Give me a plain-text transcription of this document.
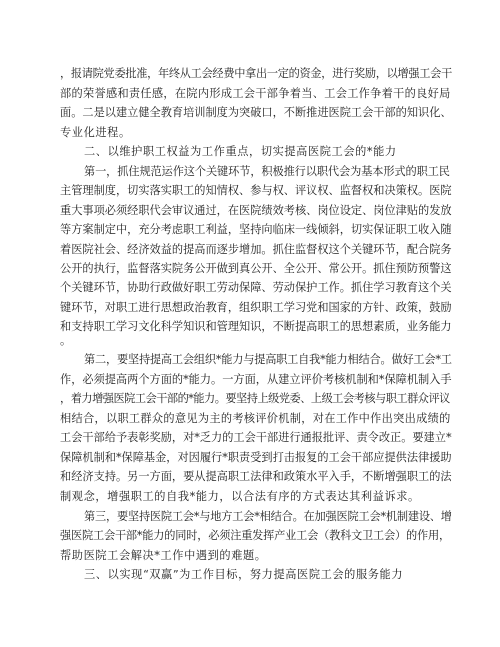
，报请院党委批准，年终从工会经费中拿出一定的资金，进行奖励，以增强工会干
部的荣誉感和责任感，在院内形成工会干部争着当、工会工作争着干的良好局
面。二是以建立健全教育培训制度为突破口，不断推进医院工会干部的知识化、
专业化进程。
二、以维护职工权益为工作重点，切实提高医院工会的*能力
第一，抓住规范运作这个关键环节，积极推行以职代会为基本形式的职工民
主管理制度，切实落实职工的知情权、参与权、评议权、监督权和决策权。医院
重大事项必须经职代会审议通过，在医院绩效考核、岗位设定、岗位津贴的发放
等方案制定中，充分考虑职工利益，坚持向临床一线倾斜，切实保证职工收入随
着医院社会、经济效益的提高而逐步增加。抓住监督权这个关键环节，配合院务
公开的执行，监督落实院务公开做到真公开、全公开、常公开。抓住预防预警这
个关键环节，协助行政做好职工劳动保障、劳动保护工作。抓住学习教育这个关
键环节，对职工进行思想政治教育，组织职工学习党和国家的方针、政策，鼓励
和支持职工学习文化科学知识和管理知识，不断提高职工的思想素质，业务能力
。
第二，要坚持提高工会组织*能力与提高职工自我*能力相结合。做好工会*工
作，必须提高两个方面的*能力。一方面，从建立评价考核机制和*保障机制入手
，着力增强医院工会干部的*能力。要坚持上级党委、上级工会考核与职工群众评议
相结合，以职工群众的意见为主的考核评价机制，对在工作中作出突出成绩的
工会干部给予表彰奖励，对*乏力的工会干部进行通报批评、责令改正。要建立*
保障机制和*保障基金，对因履行*职责受到打击报复的工会干部应提供法律援助
和经济支持。另一方面，要从提高职工法律和政策水平入手，不断增强职工的法
制观念，增强职工的自我*能力，以合法有序的方式表达其利益诉求。
第三，要坚持医院工会*与地方工会*相结合。在加强医院工会*机制建设、增
强医院工会干部*能力的同时，必须注重发挥产业工会（教科文卫工会）的作用，
帮助医院工会解决*工作中遇到的难题。
三、以实现“双赢”为工作目标，努力提高医院工会的服务能力
